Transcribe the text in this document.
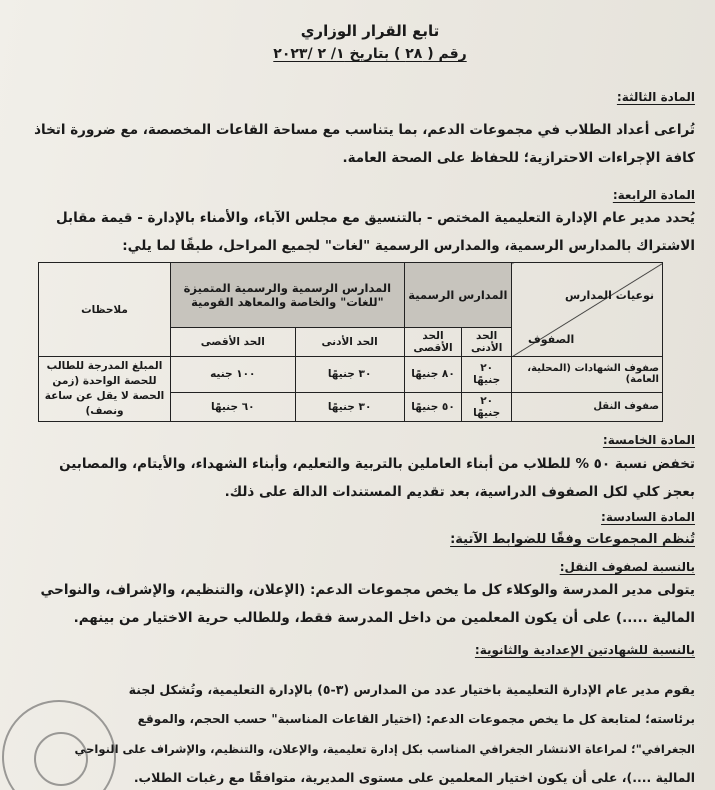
تابع القرار الوزاري
رقم ( ٢٨ ) بتاريخ ١/ ٢ /٢٠٢٣
المادة الثالثة:
تُراعى أعداد الطلاب في مجموعات الدعم، بما يتناسب مع مساحة القاعات المخصصة، مع ضرورة اتخاذ
كافة الإجراءات الاحترازية؛ للحفاظ على الصحة العامة.
المادة الرابعة:
يُحدد مدير عام الإدارة التعليمية المختص - بالتنسيق مع مجلس الآباء، والأمناء بالإدارة - قيمة مقابل
الاشتراك بالمدارس الرسمية، والمدارس الرسمية "لغات" لجميع المراحل، طبقًا لما يلي:
نوعيات المدارس
الصفوف	المدارس الرسمية		المدارس الرسمية والرسمية المتميزة "للغات" والخاصة والمعاهد القومية		ملاحظات
	الحد الأدنى	الحد الأقصى	الحد الأدنى	الحد الأقصى	
صفوف الشهادات (المحلية، العامة)	٢٠ جنيهًا	٨٠ جنيهًا	٣٠ جنيهًا	١٠٠ جنيه	المبلغ المدرجة للطالب للحصة الواحدة (زمن الحصة لا يقل عن ساعة ونصف)
صفوف النقل	٢٠ جنيهًا	٥٠ جنيهًا	٣٠ جنيهًا	٦٠ جنيهًا	
المادة الخامسة:
تخفض نسبة ٥٠ % للطلاب من أبناء العاملين بالتربية والتعليم، وأبناء الشهداء، والأيتام، والمصابين
بعجز كلي لكل الصفوف الدراسية، بعد تقديم المستندات الدالة على ذلك.
المادة السادسة:
تُنظم المجموعات وفقًا للضوابط الآتية:
بالنسبة لصفوف النقل:
يتولى مدير المدرسة والوكلاء كل ما يخص مجموعات الدعم: (الإعلان، والتنظيم، والإشراف، والنواحي
المالية .....) على أن يكون المعلمين من داخل المدرسة فقط، وللطالب حرية الاختيار من بينهم.
بالنسبة للشهادتين الإعدادية والثانوية:
يقوم مدير عام الإدارة التعليمية باختيار عدد من المدارس (٣-٥) بالإدارة التعليمية، وتُشكل لجنة
برئاسته؛ لمتابعة كل ما يخص مجموعات الدعم: (اختيار القاعات المناسبة" حسب الحجم، والموقع
الجغرافي"؛ لمراعاة الانتشار الجغرافي المناسب بكل إدارة تعليمية، والإعلان، والتنظيم، والإشراف على النواحي
المالية ....)، على أن يكون اختيار المعلمين على مستوى المديرية، متوافقًا مع رغبات الطلاب.
